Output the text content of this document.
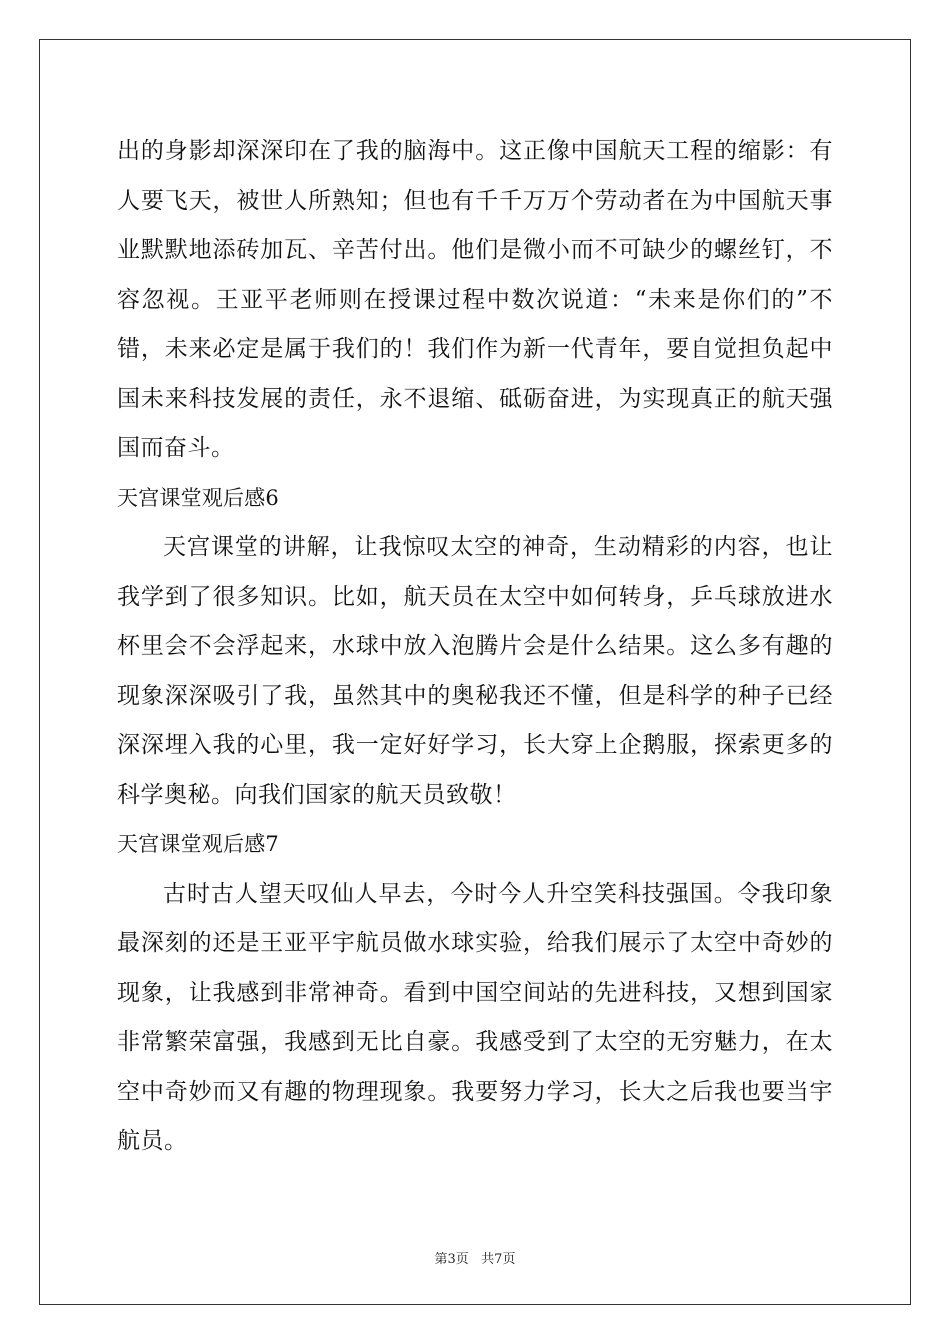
出的身影却深深印在了我的脑海中。这正像中国航天工程的缩影：有人要飞天，被世人所熟知；但也有千千万万个劳动者在为中国航天事业默默地添砖加瓦、辛苦付出。他们是微小而不可缺少的螺丝钉，不容忽视。王亚平老师则在授课过程中数次说道：“未来是你们的”不错，未来必定是属于我们的！我们作为新一代青年，要自觉担负起中国未来科技发展的责任，永不退缩、砥砺奋进，为实现真正的航天强国而奋斗。

天宫课堂观后感6

天宫课堂的讲解，让我惊叹太空的神奇，生动精彩的内容，也让我学到了很多知识。比如，航天员在太空中如何转身，乒乓球放进水杯里会不会浮起来，水球中放入泡腾片会是什么结果。这么多有趣的现象深深吸引了我，虽然其中的奥秘我还不懂，但是科学的种子已经深深埋入我的心里，我一定好好学习，长大穿上企鹅服，探索更多的科学奥秘。向我们国家的航天员致敬！

天宫课堂观后感7

古时古人望天叹仙人早去，今时今人升空笑科技强国。令我印象最深刻的还是王亚平宇航员做水球实验，给我们展示了太空中奇妙的现象，让我感到非常神奇。看到中国空间站的先进科技，又想到国家非常繁荣富强，我感到无比自豪。我感受到了太空的无穷魅力，在太空中奇妙而又有趣的物理现象。我要努力学习，长大之后我也要当宇航员。

第3页   共7页
